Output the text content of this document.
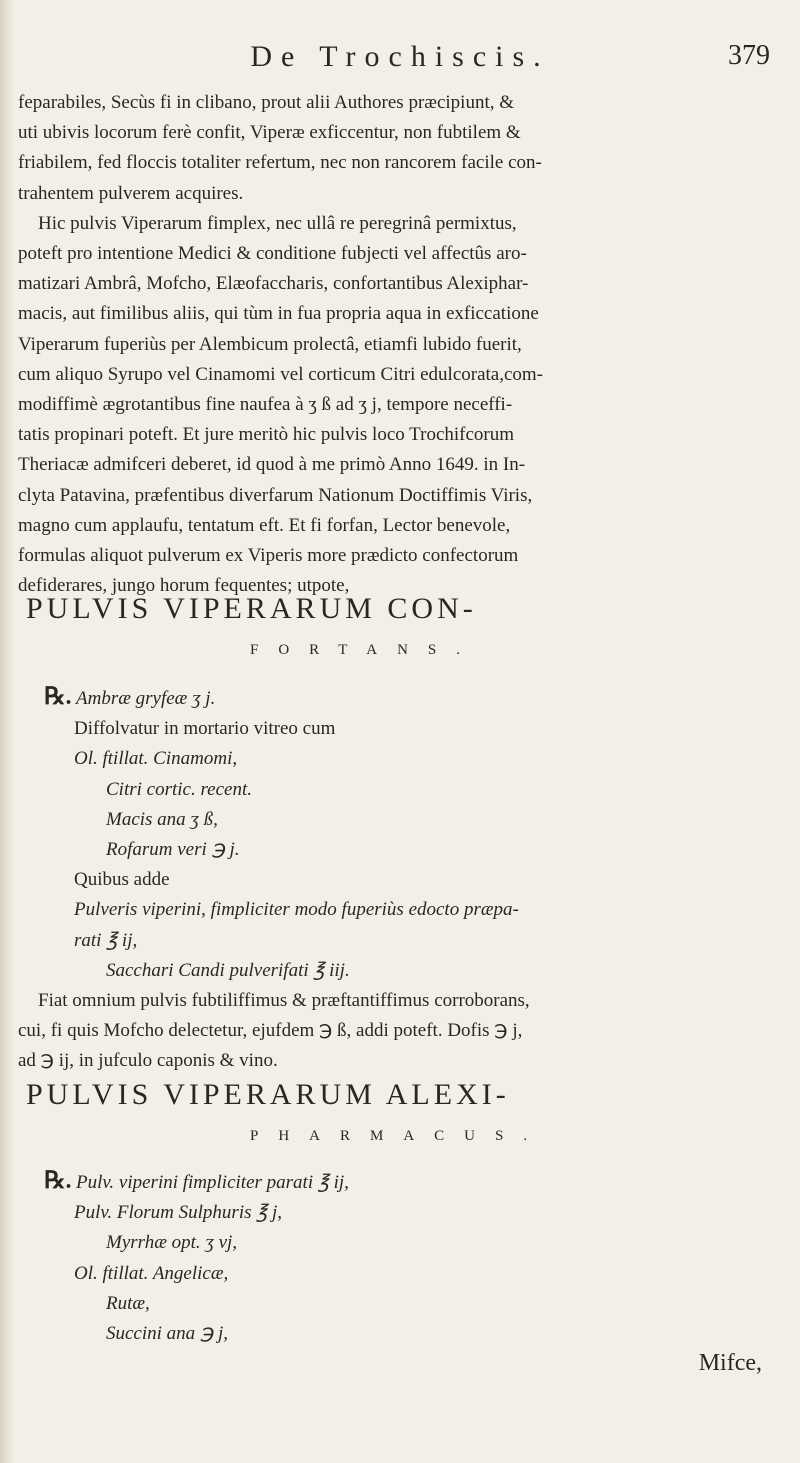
De Trochiscis.	379
feparabiles, Secùs fi in clibano, prout alii Authores præcipiunt, &
uti ubivis locorum ferè confit, Viperæ exficcentur, non fubtilem &
friabilem, fed floccis totaliter refertum, nec non rancorem facile con-
trahentem pulverem acquires.
Hic pulvis Viperarum fimplex, nec ullâ re peregrinâ permixtus,
poteft pro intentione Medici & conditione fubjecti vel affectûs aro-
matizari Ambrâ, Mofcho, Elæofaccharis, confortantibus Alexiphar-
macis, aut fimilibus aliis, qui tùm in fua propria aqua in exficcatione
Viperarum fuperiùs per Alembicum prolectâ, etiamfi lubido fuerit,
cum aliquo Syrupo vel Cinamomi vel corticum Citri edulcorata,com-
modiffimè ægrotantibus fine naufea à ʒ ß ad ʒ j, tempore neceffi-
tatis propinari poteft. Et jure meritò hic pulvis loco Trochifcorum
Theriacæ admifceri deberet, id quod à me primò Anno 1649. in In-
clyta Patavina, præfentibus diverfarum Nationum Doctiffimis Viris,
magno cum applaufu, tentatum eft. Et fi forfan, Lector benevole,
formulas aliquot pulverum ex Viperis more prædicto confectorum
defiderares, jungo horum fequentes; utpote,
PULVIS VIPERARUM CON-
FORTANS.
℞. Ambræ gryfeæ ʒ j.
Diffolvatur in mortario vitreo cum
Ol. ftillat. Cinamomi,
Citri cortic. recent.
Macis ana ʒ ß,
Rofarum veri ℈ j.
Quibus adde
Pulveris viperini, fimpliciter modo fuperiùs edocto præpa-
rati ℥ ij,
Sacchari Candi pulverifati ℥ iij.
Fiat omnium pulvis fubtiliffimus & præftantiffimus corroborans,
cui, fi quis Mofcho delectetur, ejufdem ℈ ß, addi poteft. Dofis ℈ j,
ad ℈ ij, in jufculo caponis & vino.
PULVIS VIPERARUM ALEXI-
PHARMACUS.
℞. Pulv. viperini fimpliciter parati ℥ ij,
Pulv. Florum Sulphuris ℥ j,
Myrrhæ opt. ʒ vj,
Ol. ftillat. Angelicæ,
Rutæ,
Succini ana ℈ j,
Mifce,
